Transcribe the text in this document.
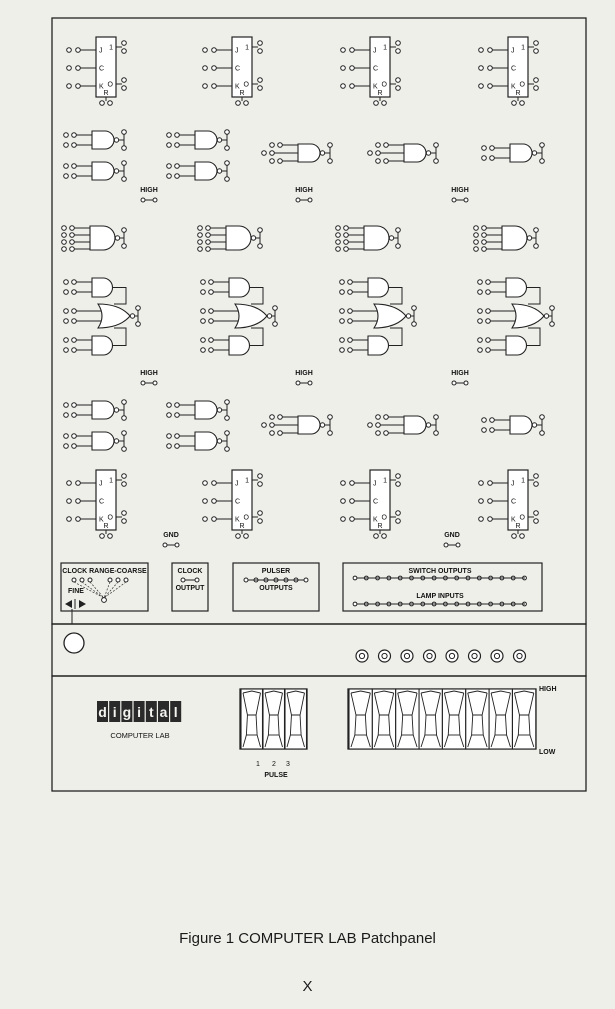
J
C
K
1
O
R
J
C
K
1
O
R
J
C
K
1
O
R
J
C
K
1
O
R
HIGH	HIGH	HIGH
HIGH	HIGH	HIGH
J
C
K
1
O
R
J
C
K
1
O
R
J
C
K
1
O
R
J
C
K
1
O
R
GND	GND
CLOCK RANGE-COARSE
FINE
CLOCK
OUTPUT
PULSER
OUTPUTS
SWITCH OUTPUTS
LAMP INPUTS
d i g i t a l
COMPUTER LAB
1 2 3
PULSE
HIGH
LOW
Figure 1 COMPUTER LAB Patchpanel
X
